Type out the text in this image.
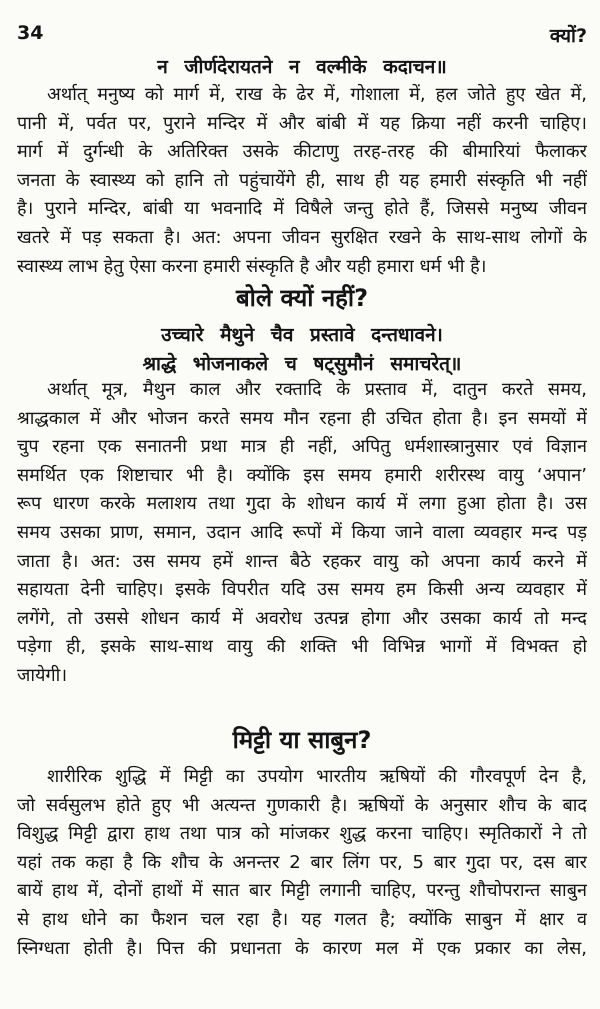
34	क्यों?
न जीर्णदेरायतने न वल्मीके कदाचन॥
अर्थात् मनुष्य को मार्ग में, राख के ढेर में, गोशाला में, हल जोते हुए खेत में,
पानी में, पर्वत पर, पुराने मन्दिर में और बांबी में यह क्रिया नहीं करनी चाहिए।
मार्ग में दुर्गन्धी के अतिरिक्त उसके कीटाणु तरह-तरह की बीमारियां फैलाकर
जनता के स्वास्थ्य को हानि तो पहुंचायेंगे ही, साथ ही यह हमारी संस्कृति भी नहीं
है। पुराने मन्दिर, बांबी या भवनादि में विषैले जन्तु होते हैं, जिससे मनुष्य जीवन
खतरे में पड़ सकता है। अत: अपना जीवन सुरक्षित रखने के साथ-साथ लोगों के
स्वास्थ्य लाभ हेतु ऐसा करना हमारी संस्कृति है और यही हमारा धर्म भी है।
बोले क्यों नहीं?
उच्चारे मैथुने चैव प्रस्तावे दन्तधावने।
श्राद्धे भोजनाकले च षट्सुमौनं समाचरेत्॥
अर्थात् मूत्र, मैथुन काल और रक्तादि के प्रस्ताव में, दातुन करते समय,
श्राद्धकाल में और भोजन करते समय मौन रहना ही उचित होता है। इन समयों में
चुप रहना एक सनातनी प्रथा मात्र ही नहीं, अपितु धर्मशास्त्रानुसार एवं विज्ञान
समर्थित एक शिष्टाचार भी है। क्योंकि इस समय हमारी शरीरस्थ वायु ‘अपान’
रूप धारण करके मलाशय तथा गुदा के शोधन कार्य में लगा हुआ होता है। उस
समय उसका प्राण, समान, उदान आदि रूपों में किया जाने वाला व्यवहार मन्द पड़
जाता है। अत: उस समय हमें शान्त बैठे रहकर वायु को अपना कार्य करने में
सहायता देनी चाहिए। इसके विपरीत यदि उस समय हम किसी अन्य व्यवहार में
लगेंगे, तो उससे शोधन कार्य में अवरोध उत्पन्न होगा और उसका कार्य तो मन्द
पड़ेगा ही, इसके साथ-साथ वायु की शक्ति भी विभिन्न भागों में विभक्त हो
जायेगी।
मिट्टी या साबुन?
शारीरिक शुद्धि में मिट्टी का उपयोग भारतीय ऋषियों की गौरवपूर्ण देन है,
जो सर्वसुलभ होते हुए भी अत्यन्त गुणकारी है। ऋषियों के अनुसार शौच के बाद
विशुद्ध मिट्टी द्वारा हाथ तथा पात्र को मांजकर शुद्ध करना चाहिए। स्मृतिकारों ने तो
यहां तक कहा है कि शौच के अनन्तर 2 बार लिंग पर, 5 बार गुदा पर, दस बार
बायें हाथ में, दोनों हाथों में सात बार मिट्टी लगानी चाहिए, परन्तु शौचोपरान्त साबुन
से हाथ धोने का फैशन चल रहा है। यह गलत है; क्योंकि साबुन में क्षार व
स्निग्धता होती है। पित्त की प्रधानता के कारण मल में एक प्रकार का लेस,
